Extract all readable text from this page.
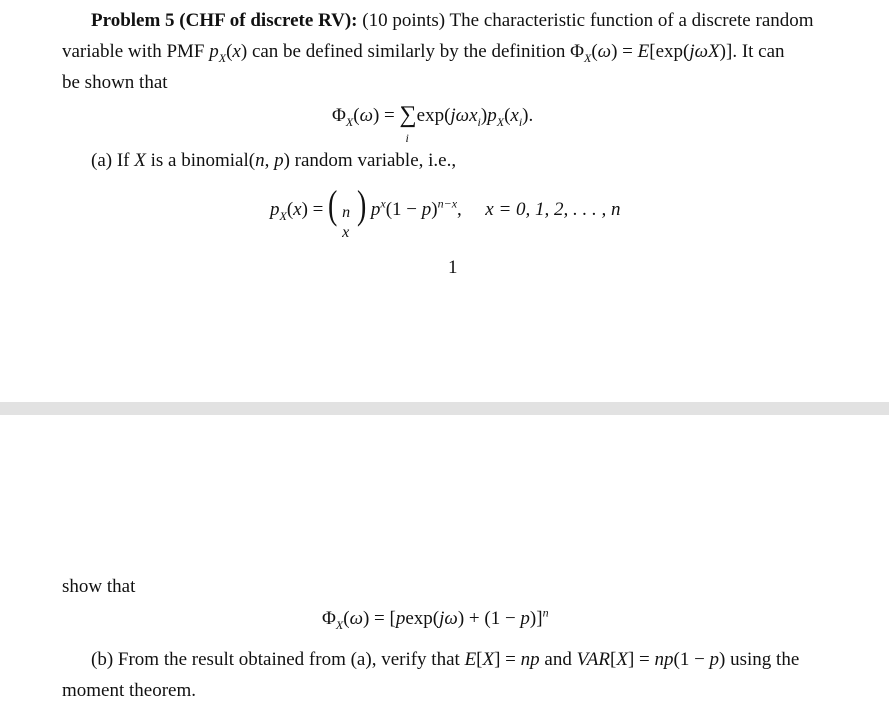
Problem 5 (CHF of discrete RV): (10 points) The characteristic function of a discrete random
variable with PMF $p_X(x)$ can be defined similarly by the definition $\Phi_X(\omega) = E[\exp(j\omega X)]$. It can
be shown that
$\Phi_X(\omega)$ = ∑
i
$\exp(j\omega x_i)p_X(x_i)$.
(a) If X is a binomial(n, p) random variable, i.e.,
$p_X(x)$ = ( n
x
) $p^x(1 - p)^{n-x}$,  x = 0, 1, 2, . . . , n
1
show that
$\Phi_X(\omega) = [pexp(j\omega) + (1 - p)]^n$
(b) From the result obtained from (a), verify that E[X] = np and VAR[X] = np(1 − p) using the
moment theorem.
